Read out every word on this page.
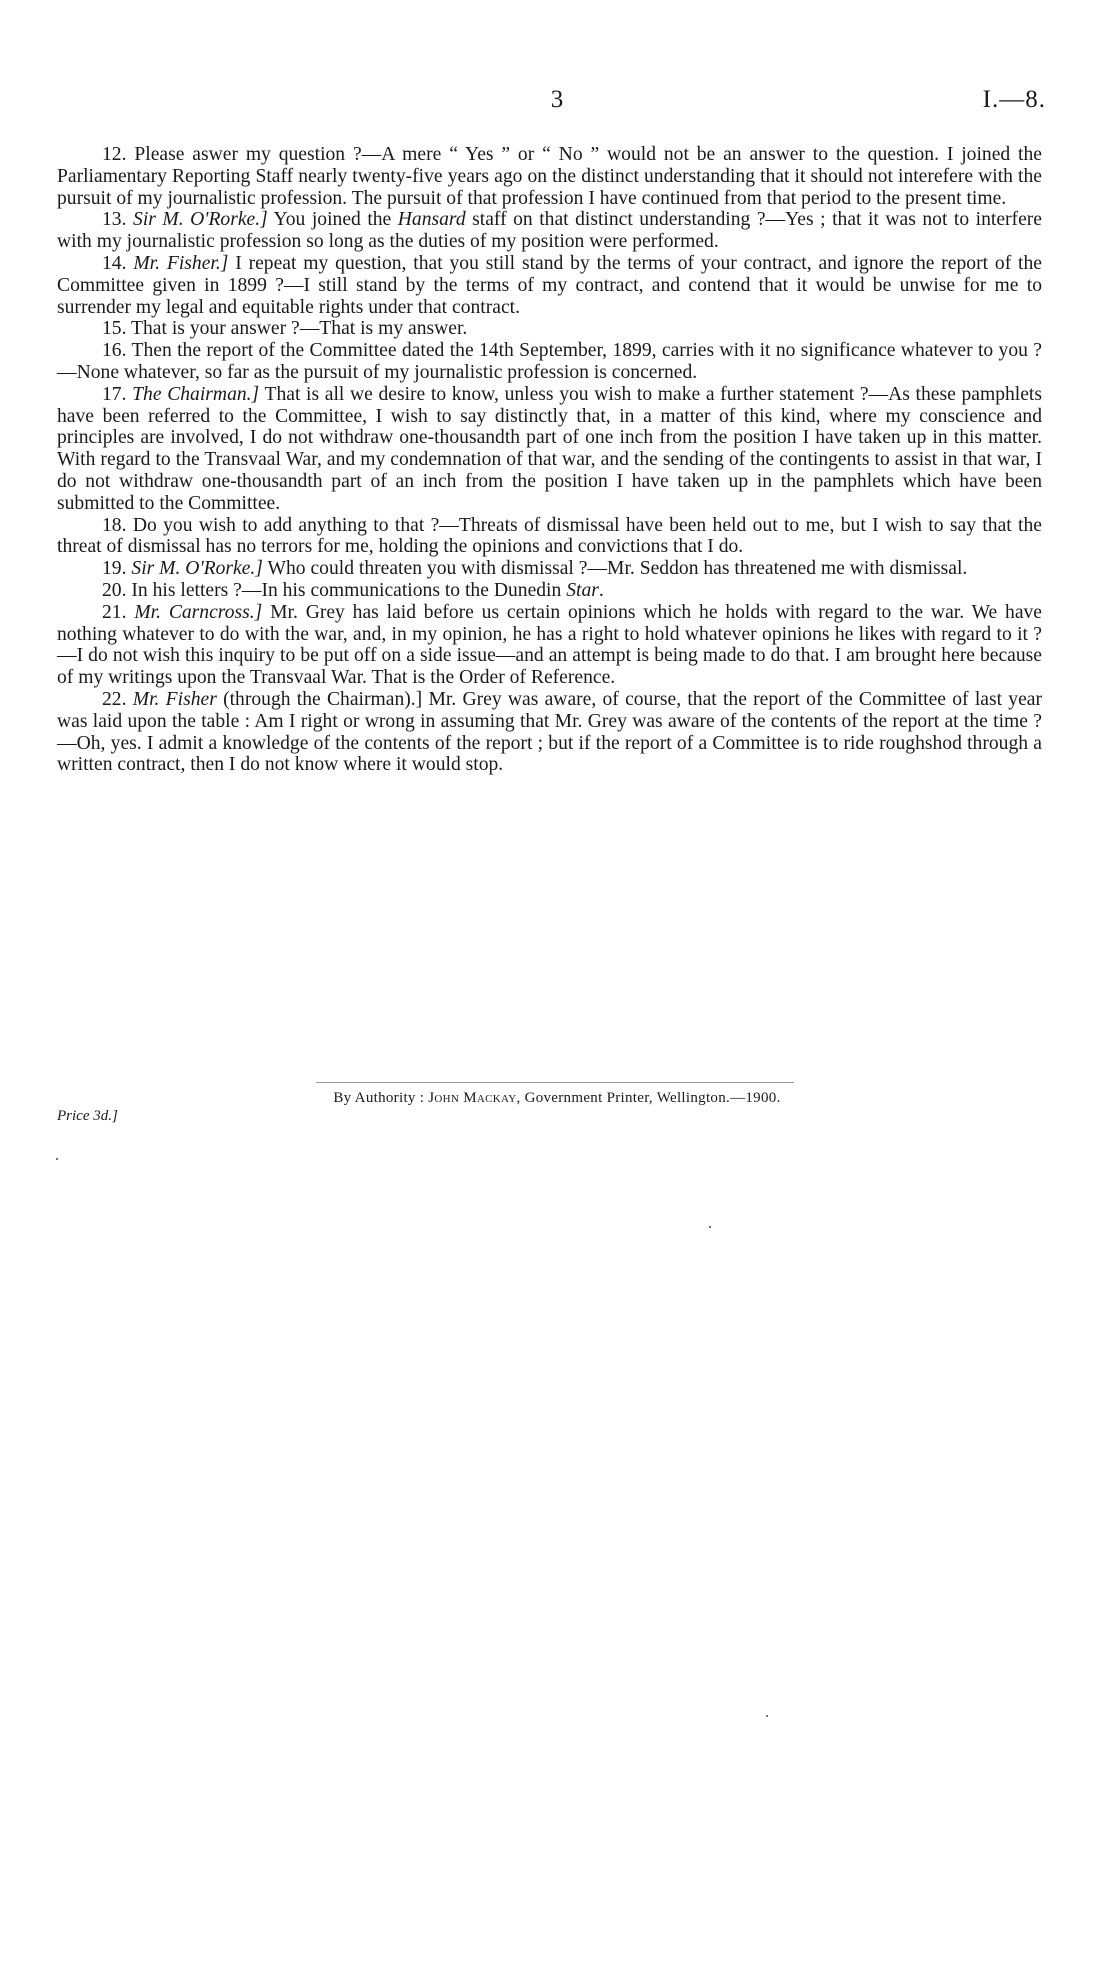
3	I.—8.

12. Please aswer my question ?—A mere “ Yes ” or “ No ” would not be an answer to the question. I joined the Parliamentary Reporting Staff nearly twenty-five years ago on the distinct understanding that it should not interefere with the pursuit of my journalistic profession. The pursuit of that profession I have continued from that period to the present time.

13. Sir M. O'Rorke.] You joined the Hansard staff on that distinct understanding ?—Yes ; that it was not to interfere with my journalistic profession so long as the duties of my position were performed.

14. Mr. Fisher.] I repeat my question, that you still stand by the terms of your contract, and ignore the report of the Committee given in 1899 ?—I still stand by the terms of my contract, and contend that it would be unwise for me to surrender my legal and equitable rights under that contract.

15. That is your answer ?—That is my answer.

16. Then the report of the Committee dated the 14th September, 1899, carries with it no significance whatever to you ?—None whatever, so far as the pursuit of my journalistic profession is concerned.

17. The Chairman.] That is all we desire to know, unless you wish to make a further statement ?—As these pamphlets have been referred to the Committee, I wish to say distinctly that, in a matter of this kind, where my conscience and principles are involved, I do not withdraw one-thousandth part of one inch from the position I have taken up in this matter. With regard to the Transvaal War, and my condemnation of that war, and the sending of the contingents to assist in that war, I do not withdraw one-thousandth part of an inch from the position I have taken up in the pamphlets which have been submitted to the Committee.

18. Do you wish to add anything to that ?—Threats of dismissal have been held out to me, but I wish to say that the threat of dismissal has no terrors for me, holding the opinions and convictions that I do.

19. Sir M. O'Rorke.] Who could threaten you with dismissal ?—Mr. Seddon has threatened me with dismissal.

20. In his letters ?—In his communications to the Dunedin Star.

21. Mr. Carncross.] Mr. Grey has laid before us certain opinions which he holds with regard to the war. We have nothing whatever to do with the war, and, in my opinion, he has a right to hold whatever opinions he likes with regard to it ?—I do not wish this inquiry to be put off on a side issue—and an attempt is being made to do that. I am brought here because of my writings upon the Transvaal War. That is the Order of Reference.

22. Mr. Fisher (through the Chairman).] Mr. Grey was aware, of course, that the report of the Committee of last year was laid upon the table : Am I right or wrong in assuming that Mr. Grey was aware of the contents of the report at the time ?—Oh, yes. I admit a knowledge of the contents of the report ; but if the report of a Committee is to ride roughshod through a written contract, then I do not know where it would stop.

By Authority : John Mackay, Government Printer, Wellington.—1900.
Price 3d.]
